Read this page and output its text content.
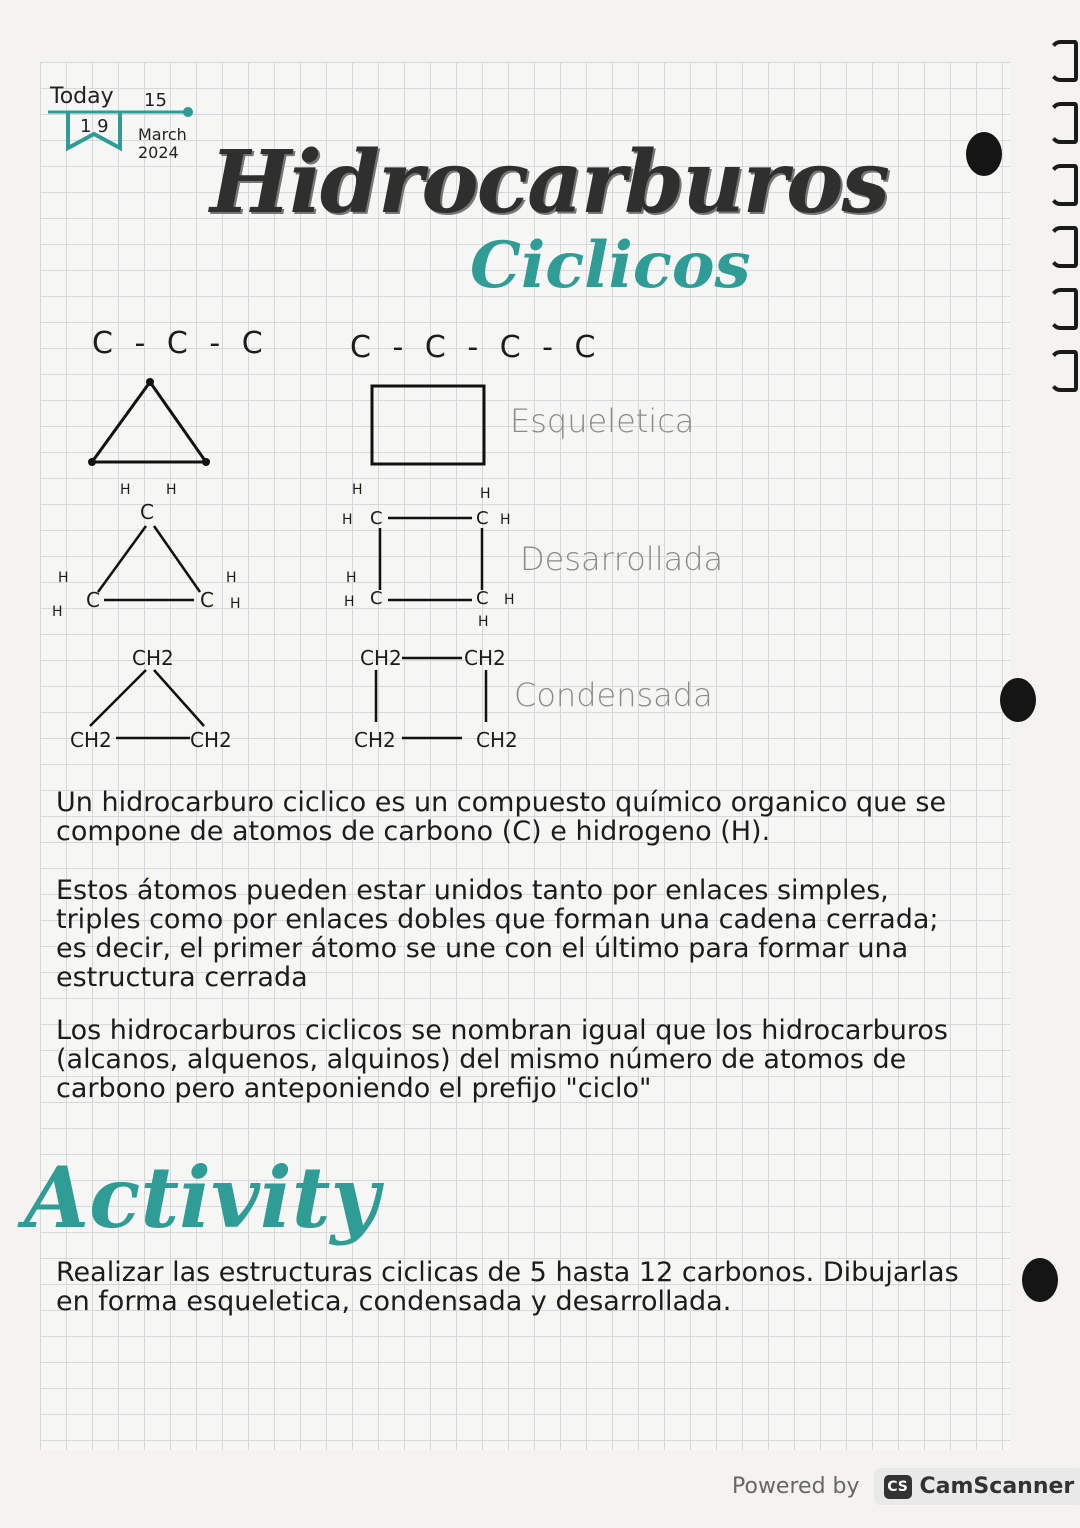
Today 15
1 9 March
2024 Hidrocarburos
Ciclicos
C - C - C	C - C - C - C
C
H	H
C
H
H
C
H
H
C
H
H	C
H
H
C
H
H	C H
H
CH2
CH2	CH2
CH2	CH2
CH2	CH2
Esqueletica
Desarrollada
Condensada
Un hidrocarburo ciclico es un compuesto químico organico que se compone de atomos de carbono (C) e hidrogeno (H).
Estos átomos pueden estar unidos tanto por enlaces simples, triples como por enlaces dobles que forman una cadena cerrada; es decir, el primer átomo se une con el último para formar una estructura cerrada
Los hidrocarburos ciclicos se nombran igual que los hidrocarburos (alcanos, alquenos, alquinos) del mismo número de atomos de carbono pero anteponiendo el prefijo "ciclo"
Activity
Realizar las estructuras ciclicas de 5 hasta 12 carbonos. Dibujarlas en forma esqueletica, condensada y desarrollada.
Powered by CS CamScanner
